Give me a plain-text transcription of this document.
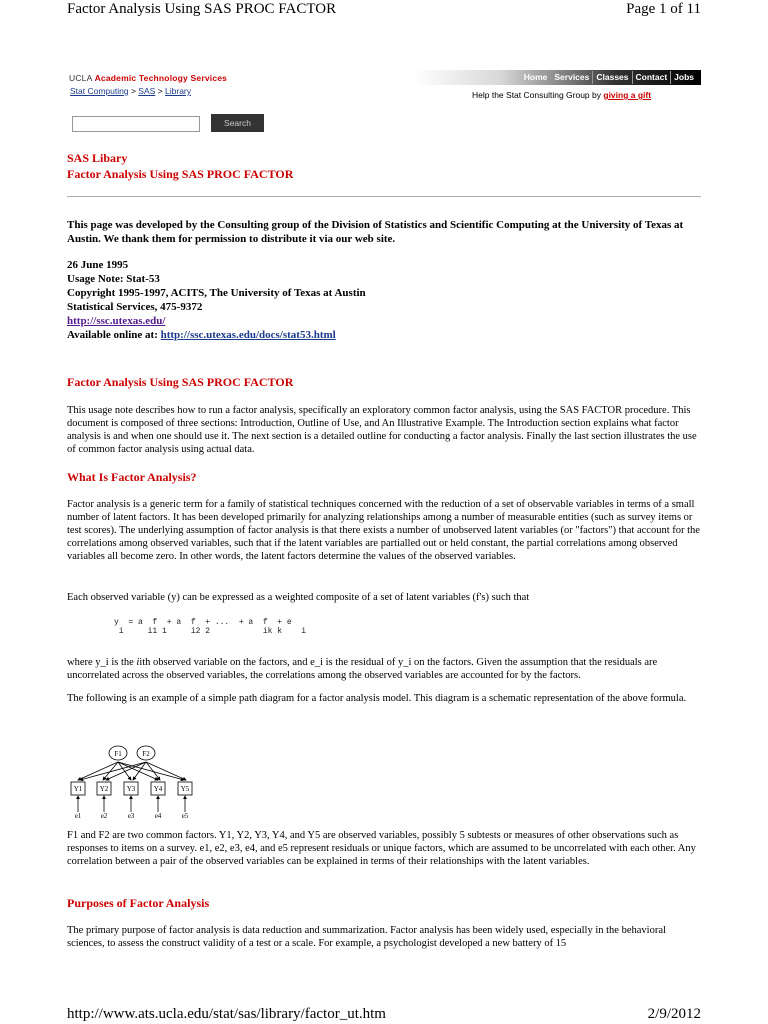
Factor Analysis Using SAS PROC FACTOR	Page 1 of 11
UCLA Academic Technology Services
Stat Computing > SAS > Library
Home Services Classes Contact Jobs
Help the Stat Consulting Group by giving a gift
Search
SAS Libary
Factor Analysis Using SAS PROC FACTOR

This page was developed by the Consulting group of the Division of Statistics and Scientific Computing at the University of Texas at Austin. We thank them for permission to distribute it via our web site.

26 June 1995
Usage Note: Stat-53
Copyright 1995-1997, ACITS, The University of Texas at Austin
Statistical Services, 475-9372
http://ssc.utexas.edu/
Available online at: http://ssc.utexas.edu/docs/stat53.html
Factor Analysis Using SAS PROC FACTOR

This usage note describes how to run a factor analysis, specifically an exploratory common factor analysis, using the SAS FACTOR procedure. This document is composed of three sections: Introduction, Outline of Use, and An Illustrative Example. The Introduction section explains what factor analysis is and when one should use it. The next section is a detailed outline for conducting a factor analysis. Finally the last section illustrates the use of common factor analysis using actual data.

What Is Factor Analysis?

Factor analysis is a generic term for a family of statistical techniques concerned with the reduction of a set of observable variables in terms of a small number of latent factors. It has been developed primarily for analyzing relationships among a number of measurable entities (such as survey items or test scores). The underlying assumption of factor analysis is that there exists a number of unobserved latent variables (or "factors") that account for the correlations among observed variables, such that if the latent variables are partialled out or held constant, the partial correlations among observed variables all become zero. In other words, the latent factors determine the values of the observed variables.

Each observed variable (y) can be expressed as a weighted composite of a set of latent variables (f's) such that

y  = a  f  + a  f  + ...  + a  f  + e
i     i1 1     i2 2           ik k    i

where y_i is the iith observed variable on the factors, and e_i is the residual of y_i on the factors. Given the assumption that the residuals are uncorrelated across the observed variables, the correlations among the observed variables are accounted for by the factors.

The following is an example of a simple path diagram for a factor analysis model. This diagram is a schematic representation of the above formula.

F1	F2
Y1 Y2	Y3	Y4	Y5
e1	e2	e3	e4	e5

F1 and F2 are two common factors. Y1, Y2, Y3, Y4, and Y5 are observed variables, possibly 5 subtests or measures of other observations such as responses to items on a survey. e1, e2, e3, e4, and e5 represent residuals or unique factors, which are assumed to be uncorrelated with each other. Any correlation between a pair of the observed variables can be explained in terms of their relationships with the latent variables.

Purposes of Factor Analysis

The primary purpose of factor analysis is data reduction and summarization. Factor analysis has been widely used, especially in the behavioral sciences, to assess the construct validity of a test or a scale. For example, a psychologist developed a new battery of 15

http://www.ats.ucla.edu/stat/sas/library/factor_ut.htm	2/9/2012
